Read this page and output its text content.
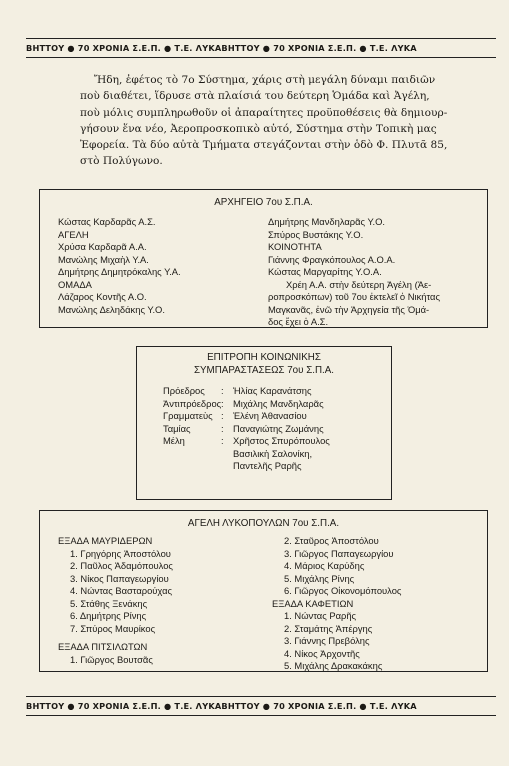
ΒΗΤΤΟΥ ● 70 ΧΡΟΝΙΑ Σ.Ε.Π. ● Τ.Ε. ΛΥΚΑΒΗΤΤΟΥ ● 70 ΧΡΟΝΙΑ Σ.Ε.Π. ● Τ.Ε. ΛΥΚΑ
Ἤδη, ἐφέτος τὸ 7ο Σύστημα, χάρις στὴ μεγάλη δύναμι παιδιῶν
ποὺ διαθέτει, ἵδρυσε στὰ πλαίσιά του δεύτερη Ὁμάδα καὶ Ἀγέλη,
ποὺ μόλις συμπληρωθοῦν οἱ ἀπαραίτητες προϋποθέσεις θὰ δημιουρ-
γήσουν ἕνα νέο, Ἀεροπροσκοπικὸ αὐτό, Σύστημα στὴν Τοπικὴ μας
Ἐφορεία. Τὰ δύο αὐτὰ Τμήματα στεγάζονται στὴν ὁδὸ Φ. Πλυτᾶ 85,
στὸ Πολύγωνο.
ΑΡΧΗΓΕΙΟ 7ου Σ.Π.Α.
Κώστας Καρδαρᾶς Α.Σ.
ΑΓΕΛΗ
Χρύσα Καρδαρᾶ Α.Α.
Μανώλης Μιχαὴλ Υ.Α.
Δημήτρης Δημητρόκαλης Υ.Α.
ΟΜΑΔΑ
Λάζαρος Κοντῆς Α.Ο.
Μανώλης Δεληδάκης Υ.Ο.
Δημήτρης Μανδηλαρᾶς Υ.Ο.
Σπύρος Βυστάκης Υ.Ο.
ΚΟΙΝΟΤΗΤΑ
Γιάννης Φραγκόπουλος Α.Ο.Α.
Κώστας Μαργαρίτης Υ.Ο.Α.
Χρέη Α.Α. στὴν δεύτερη Ἀγέλη (Ἀε-
ροπροσκόπων) τοῦ 7ου ἐκτελεῖ ὁ Νικήτας
Μαγκανᾶς, ἐνῶ τὴν Ἀρχηγεία τῆς Ὁμά-
δος ἔχει ὁ Α.Σ.
ΕΠΙΤΡΟΠΗ ΚΟΙΝΩΝΙΚΗΣ
ΣΥΜΠΑΡΑΣΤΑΣΕΩΣ 7ου Σ.Π.Α.
Πρόεδρος	: Ἠλίας Καρανάτσης
Ἀντιπρόεδρος : Μιχάλης Μανδηλαρᾶς
Γραμματεὺς : Ἐλένη Ἀθανασίου
Ταμίας	: Παναγιώτης Ζωμάνης
Μέλη	: Χρῆστος Σπυρόπουλος
Βασιλικὴ Σαλονίκη,
Παντελῆς Ραρῆς
ΑΓΕΛΗ ΛΥΚΟΠΟΥΛΩΝ 7ου Σ.Π.Α.
ΕΞΑΔΑ ΜΑΥΡΙΔΕΡΩΝ
1. Γρηγόρης Ἀποστόλου
2. Παῦλος Ἀδαμόπουλος
3. Νίκος Παπαγεωργίου
4. Νώντας Βασταρούχας
5. Στάθης Ξενάκης
6. Δημήτρης Ρίνης
7. Σπύρος Μαυρίκος
ΕΞΑΔΑ ΠΙΤΣΙΛΩΤΩΝ
1. Γιῶργος Βουτσᾶς
2. Σταῦρος Ἀποστόλου
3. Γιῶργος Παπαγεωργίου
4. Μάριος Καρύδης
5. Μιχάλης Ρίνης
6. Γιῶργος Οἰκονομόπουλος
ΕΞΑΔΑ ΚΑΦΕΤΙΩΝ
1. Νώντας Ραρῆς
2. Σταμάτης Ἀπέργης
3. Γιάννης Πρεβόλης
4. Νίκος Ἀρχοντῆς
5. Μιχάλης Δρακακάκης
ΒΗΤΤΟΥ ● 70 ΧΡΟΝΙΑ Σ.Ε.Π. ● Τ.Ε. ΛΥΚΑΒΗΤΤΟΥ ● 70 ΧΡΟΝΙΑ Σ.Ε.Π. ● Τ.Ε. ΛΥΚΑ
